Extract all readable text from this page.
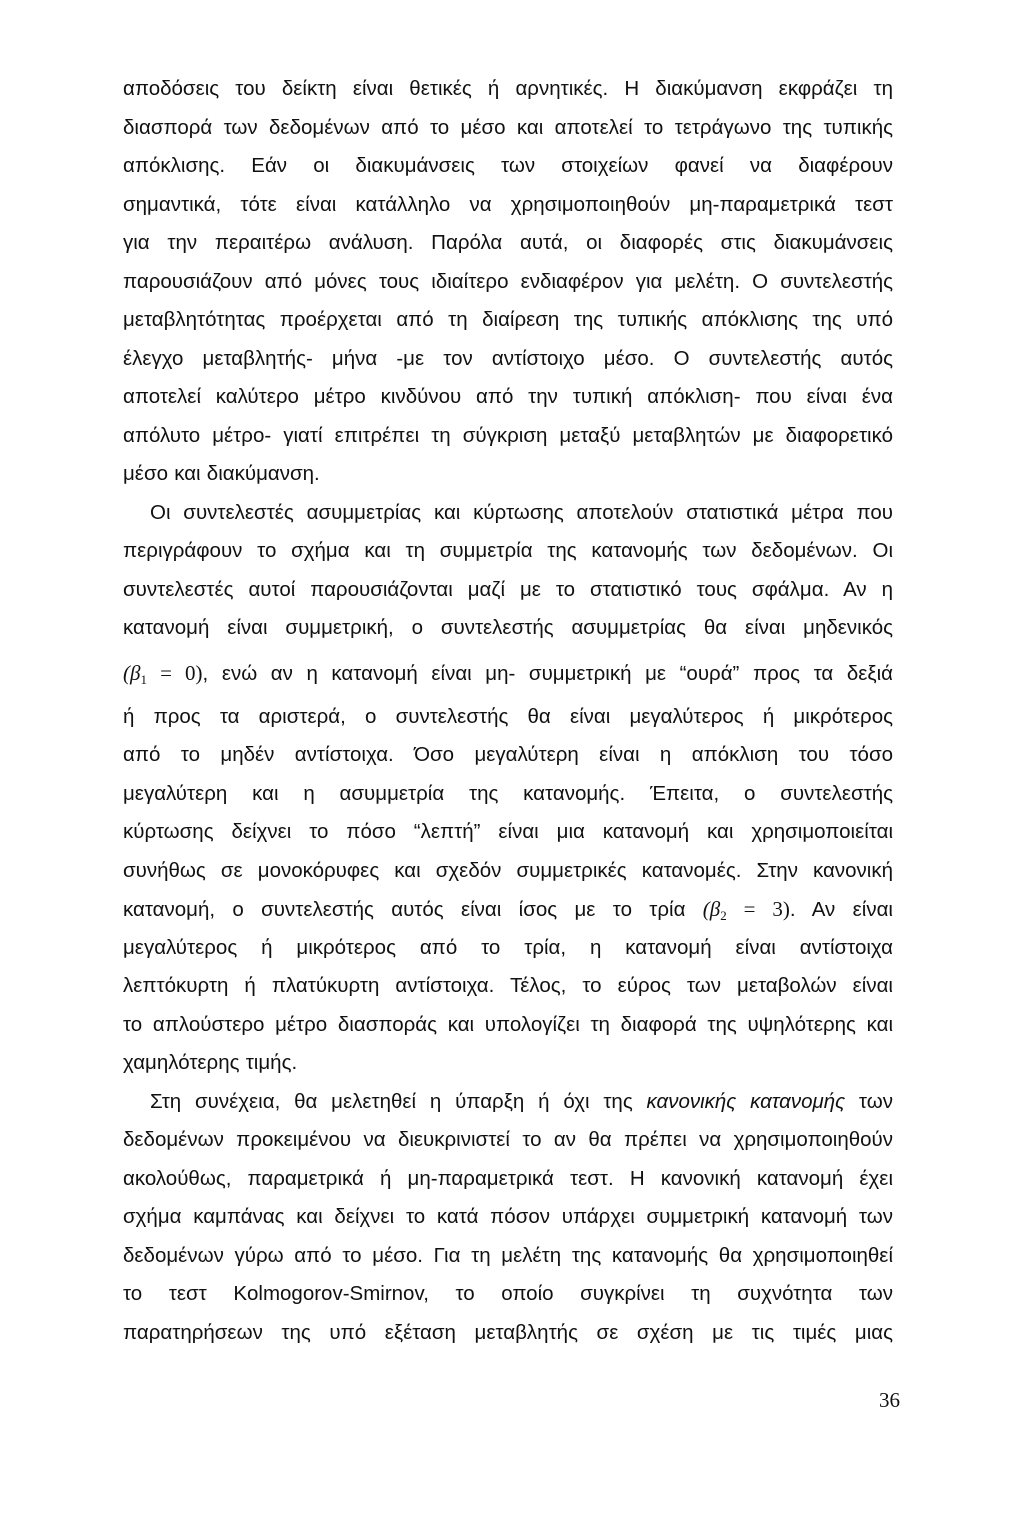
αποδόσεις του δείκτη είναι θετικές ή αρνητικές. Η διακύμανση εκφράζει τη
διασπορά των δεδομένων από το μέσο και αποτελεί το τετράγωνο της τυπικής
απόκλισης. Εάν οι διακυμάνσεις των στοιχείων φανεί να διαφέρουν
σημαντικά, τότε είναι κατάλληλο να χρησιμοποιηθούν μη-παραμετρικά τεστ
για την περαιτέρω ανάλυση. Παρόλα αυτά, οι διαφορές στις διακυμάνσεις
παρουσιάζουν από μόνες τους ιδιαίτερο ενδιαφέρον για μελέτη. Ο συντελεστής
μεταβλητότητας προέρχεται από τη διαίρεση της τυπικής απόκλισης της υπό
έλεγχο μεταβλητής- μήνα -με τον αντίστοιχο μέσο. Ο συντελεστής αυτός
αποτελεί καλύτερο μέτρο κινδύνου από την τυπική απόκλιση- που είναι ένα
απόλυτο μέτρο- γιατί επιτρέπει τη σύγκριση μεταξύ μεταβλητών με διαφορετικό
μέσο και διακύμανση.
Οι συντελεστές ασυμμετρίας και κύρτωσης αποτελούν στατιστικά μέτρα που
περιγράφουν το σχήμα και τη συμμετρία της κατανομής των δεδομένων. Οι
συντελεστές αυτοί παρουσιάζονται μαζί με το στατιστικό τους σφάλμα. Αν η
κατανομή είναι συμμετρική, ο συντελεστής ασυμμετρίας θα είναι μηδενικός
$(\beta_1 = 0)$, ενώ αν η κατανομή είναι μη- συμμετρική με “ουρά” προς τα δεξιά
ή προς τα αριστερά, ο συντελεστής θα είναι μεγαλύτερος ή μικρότερος
από το μηδέν αντίστοιχα. Όσο μεγαλύτερη είναι η απόκλιση του τόσο
μεγαλύτερη και η ασυμμετρία της κατανομής. Έπειτα, ο συντελεστής
κύρτωσης δείχνει το πόσο “λεπτή” είναι μια κατανομή και χρησιμοποιείται
συνήθως σε μονοκόρυφες και σχεδόν συμμετρικές κατανομές. Στην κανονική
κατανομή, ο συντελεστής αυτός είναι ίσος με το τρία $(\beta_2 = 3)$. Αν είναι
μεγαλύτερος ή μικρότερος από το τρία, η κατανομή είναι αντίστοιχα
λεπτόκυρτη ή πλατύκυρτη αντίστοιχα. Τέλος, το εύρος των μεταβολών είναι
το απλούστερο μέτρο διασποράς και υπολογίζει τη διαφορά της υψηλότερης και
χαμηλότερης τιμής.
Στη συνέχεια, θα μελετηθεί η ύπαρξη ή όχι της κανονικής κατανομής των
δεδομένων προκειμένου να διευκρινιστεί το αν θα πρέπει να χρησιμοποιηθούν
ακολούθως, παραμετρικά ή μη-παραμετρικά τεστ. Η κανονική κατανομή έχει
σχήμα καμπάνας και δείχνει το κατά πόσον υπάρχει συμμετρική κατανομή των
δεδομένων γύρω από το μέσο. Για τη μελέτη της κατανομής θα χρησιμοποιηθεί
το τεστ Kolmogorov-Smirnov, το οποίο συγκρίνει τη συχνότητα των
παρατηρήσεων της υπό εξέταση μεταβλητής σε σχέση με τις τιμές μιας
36
